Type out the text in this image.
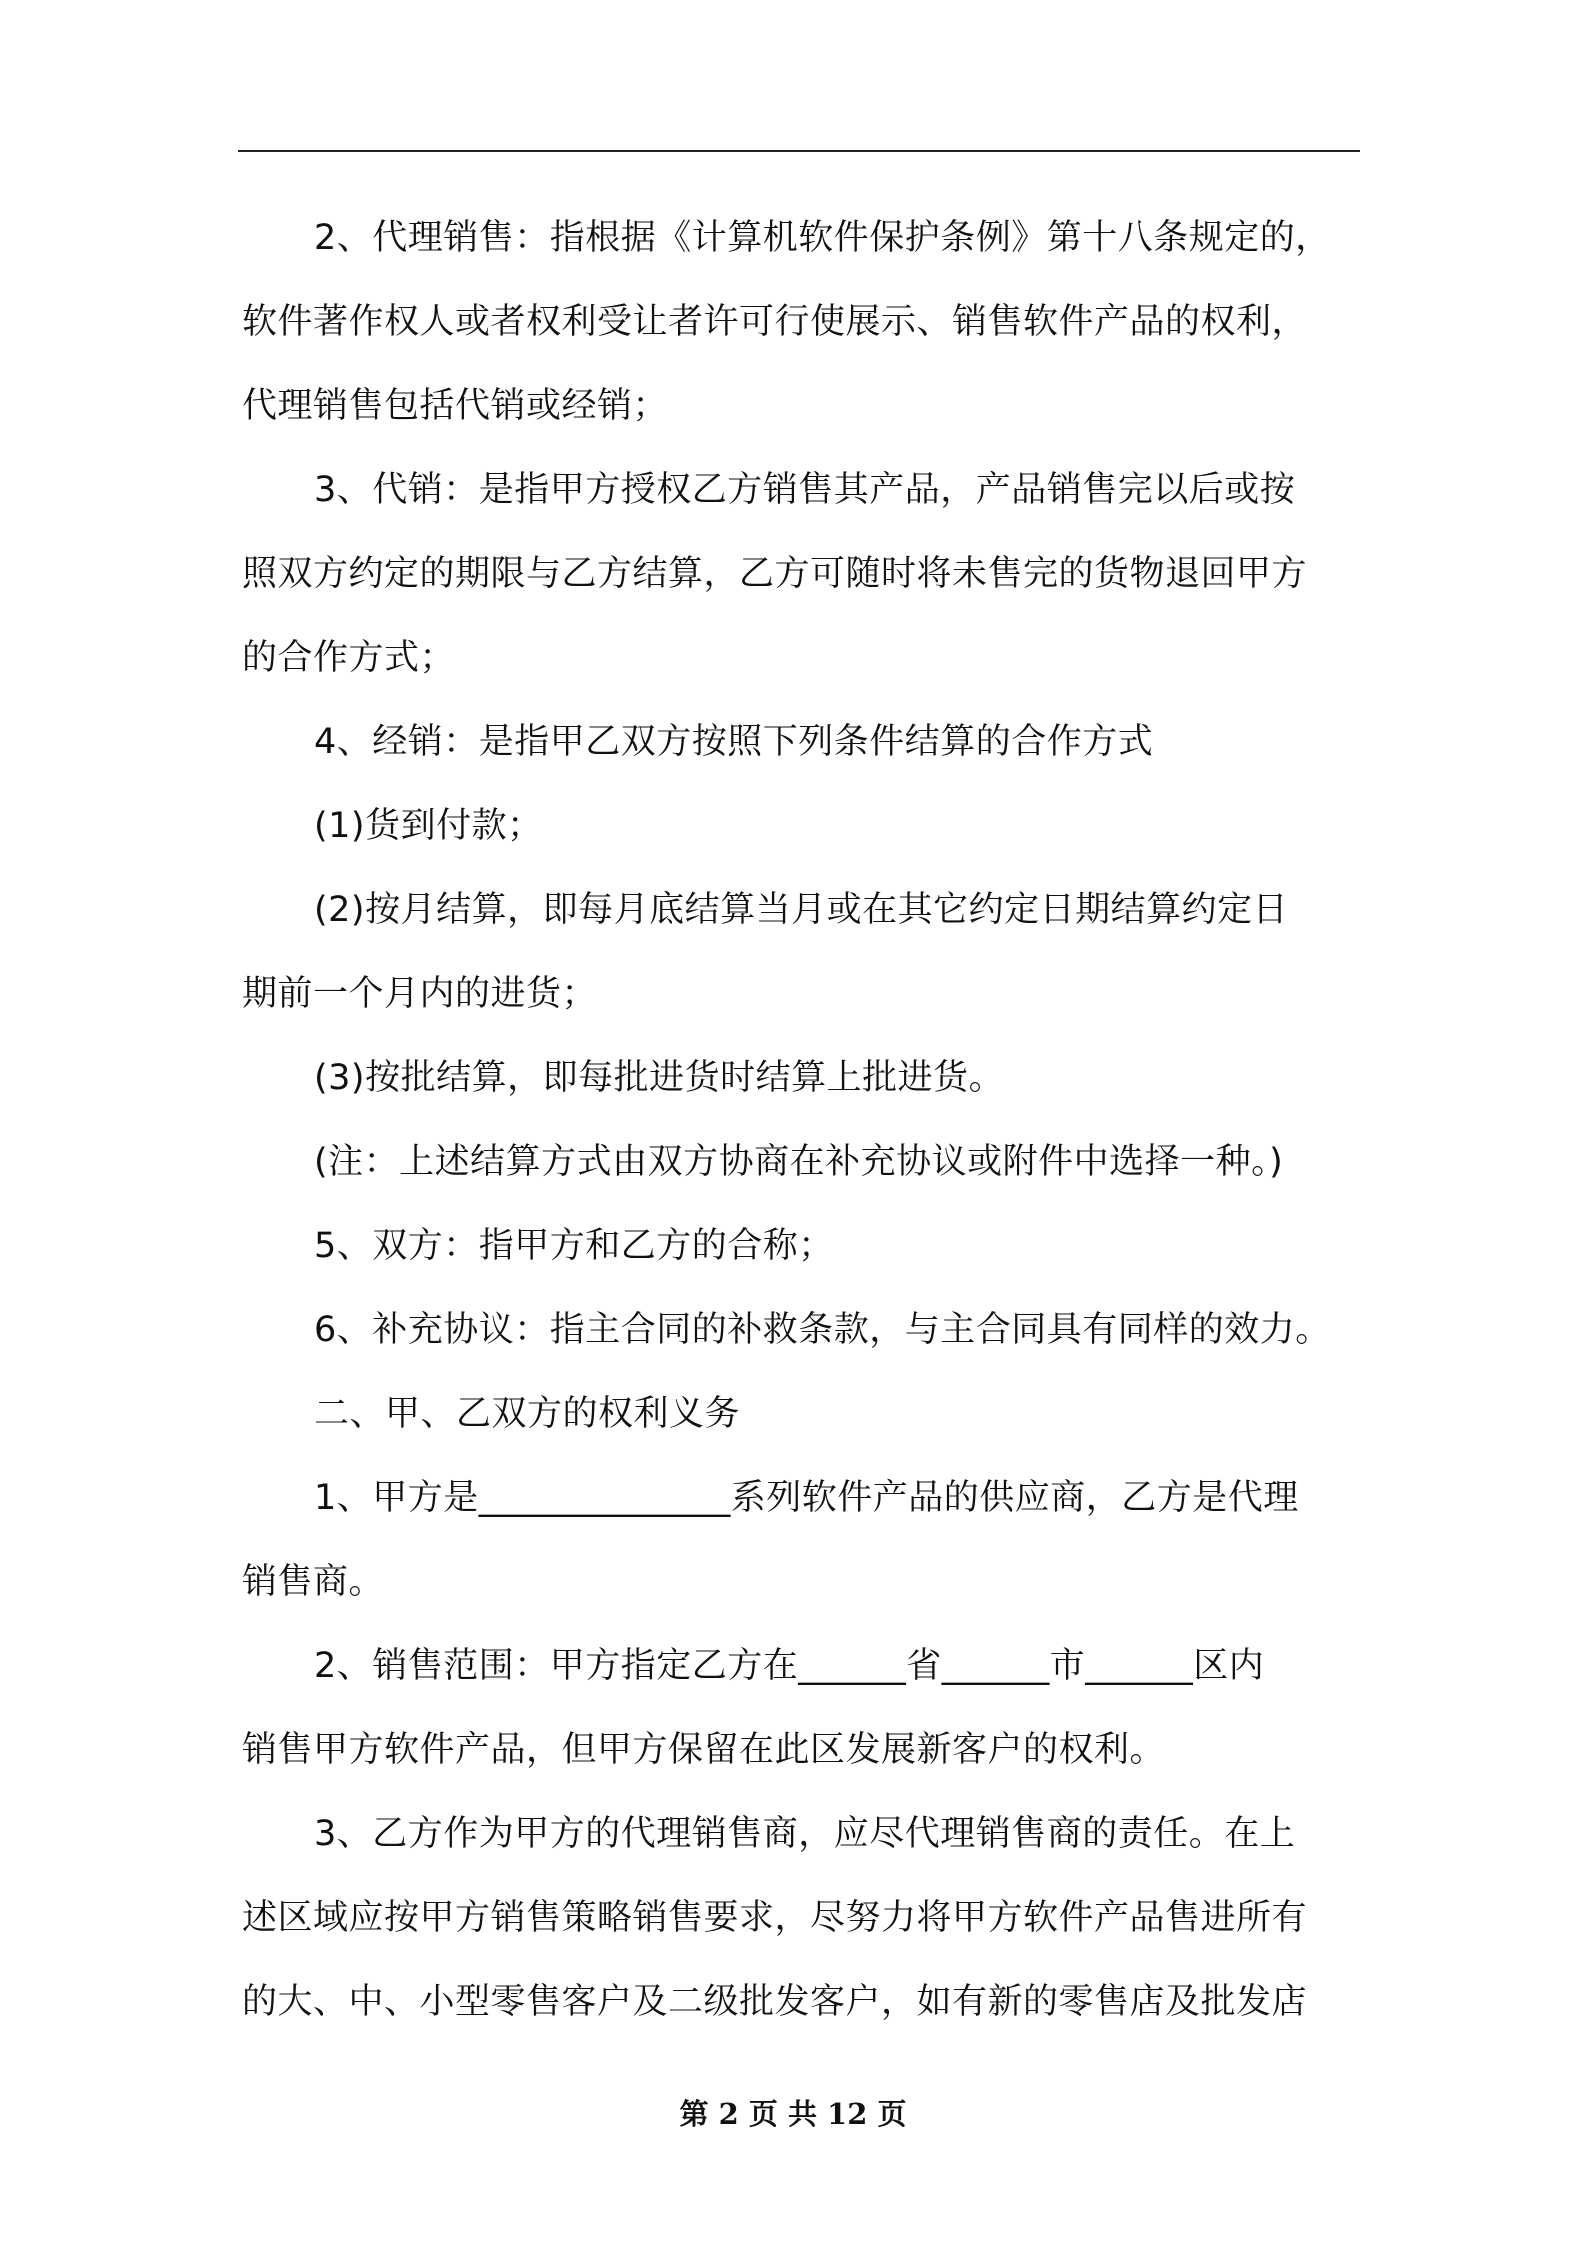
2、代理销售：指根据《计算机软件保护条例》第十八条规定的，

软件著作权人或者权利受让者许可行使展示、销售软件产品的权利，

代理销售包括代销或经销；

3、代销：是指甲方授权乙方销售其产品，产品销售完以后或按

照双方约定的期限与乙方结算，乙方可随时将未售完的货物退回甲方

的合作方式；

4、经销：是指甲乙双方按照下列条件结算的合作方式

(1)货到付款；

(2)按月结算，即每月底结算当月或在其它约定日期结算约定日

期前一个月内的进货；

(3)按批结算，即每批进货时结算上批进货。

(注：上述结算方式由双方协商在补充协议或附件中选择一种。)

5、双方：指甲方和乙方的合称；

6、补充协议：指主合同的补救条款，与主合同具有同样的效力。

二、甲、乙双方的权利义务

1、甲方是______________系列软件产品的供应商，乙方是代理

销售商。

2、销售范围：甲方指定乙方在______省______市______区内

销售甲方软件产品，但甲方保留在此区发展新客户的权利。

3、乙方作为甲方的代理销售商，应尽代理销售商的责任。在上

述区域应按甲方销售策略销售要求，尽努力将甲方软件产品售进所有

的大、中、小型零售客户及二级批发客户，如有新的零售店及批发店

第 2 页 共 12 页
